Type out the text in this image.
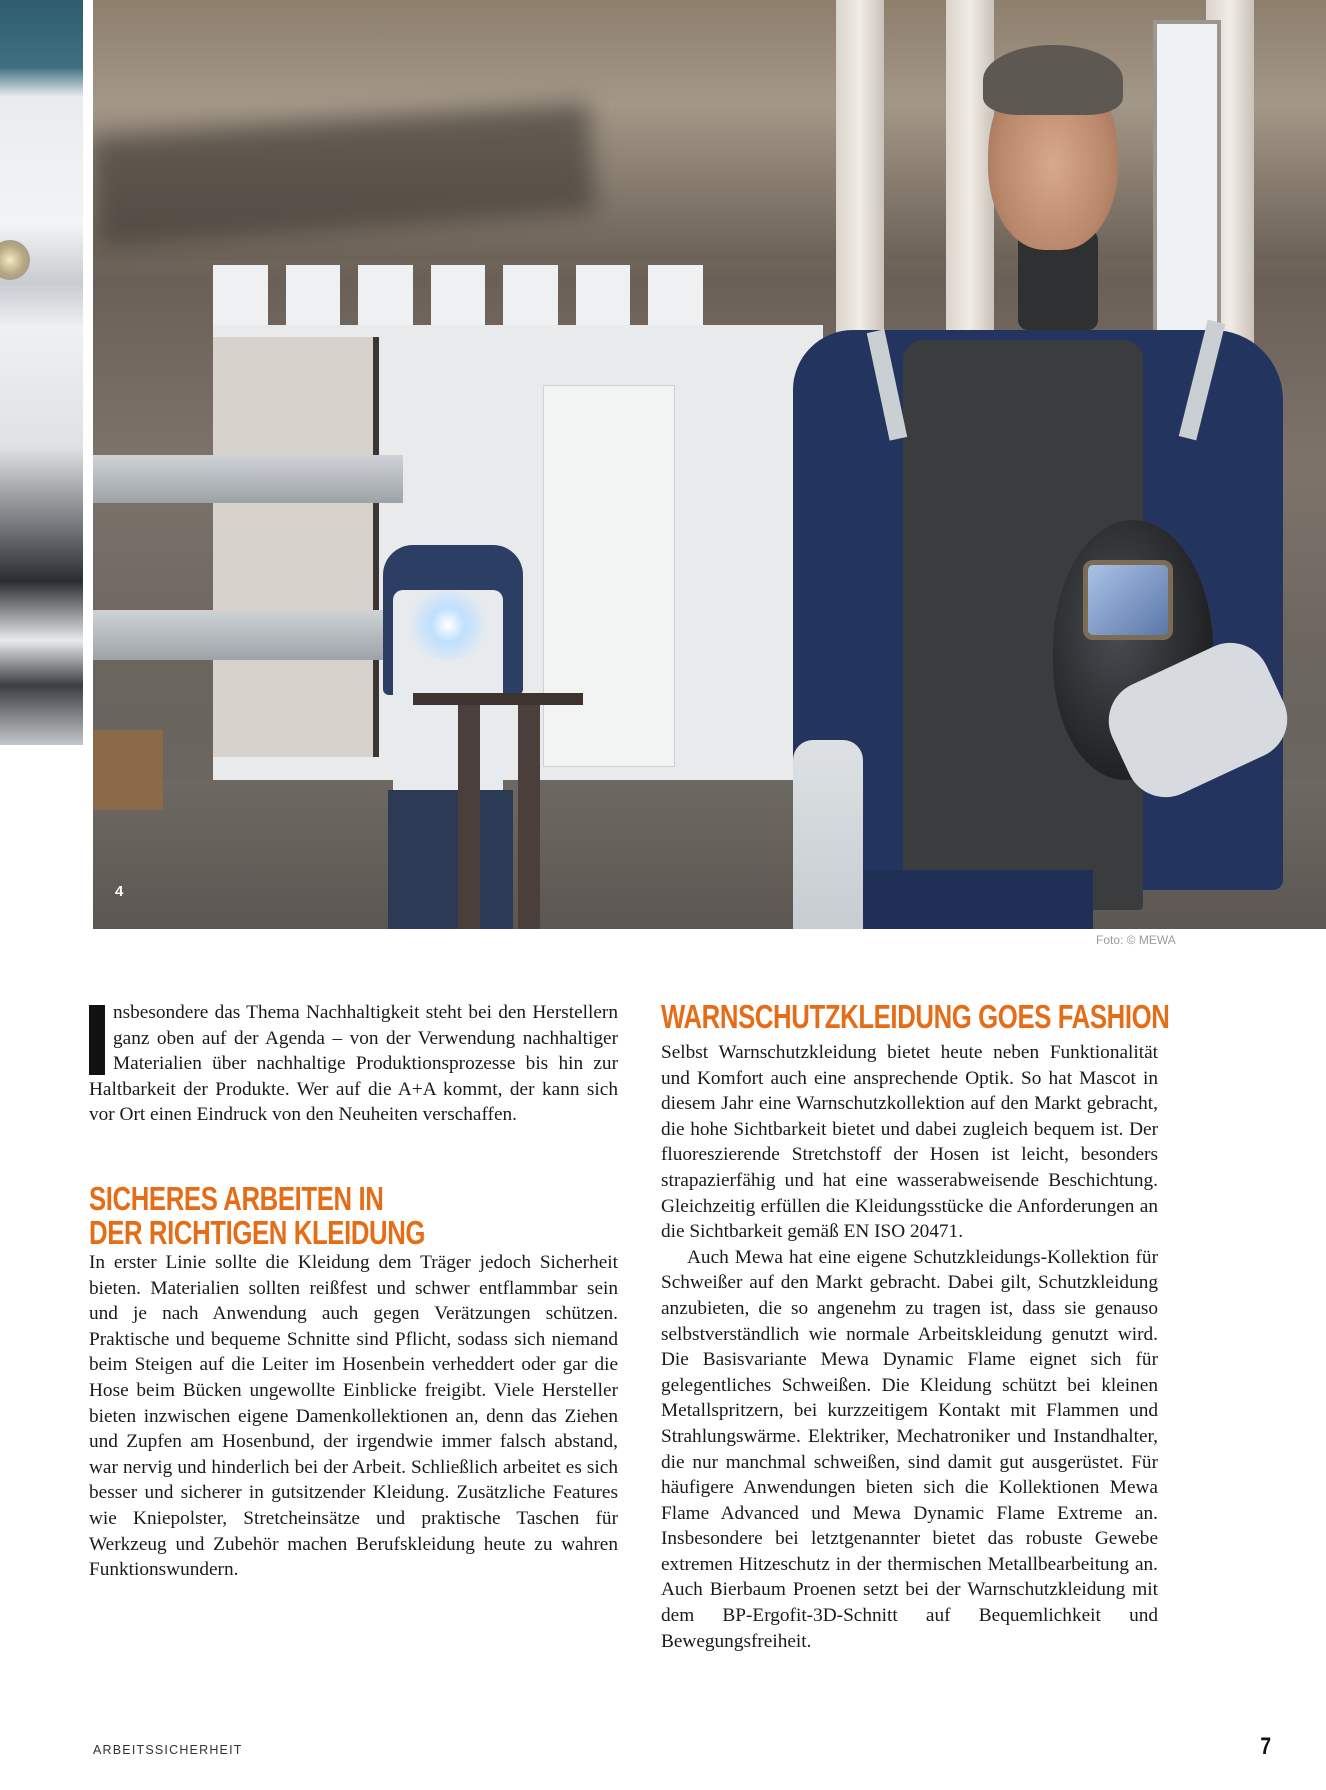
4
Foto: © MEWA

nsbesondere das Thema Nachhaltigkeit steht bei den Herstellern ganz oben auf der Agenda – von der Verwendung nachhaltiger Materialien über nachhaltige Produktionsprozesse bis hin zur Haltbarkeit der Produkte. Wer auf die A+A kommt, der kann sich vor Ort einen Eindruck von den Neuheiten verschaffen.

SICHERES ARBEITEN IN
DER RICHTIGEN KLEIDUNG

In erster Linie sollte die Kleidung dem Träger jedoch Sicherheit bieten. Materialien sollten reißfest und schwer entflammbar sein und je nach Anwendung auch gegen Verätzungen schützen. Praktische und bequeme Schnitte sind Pflicht, sodass sich niemand beim Steigen auf die Leiter im Hosenbein verheddert oder gar die Hose beim Bücken ungewollte Einblicke freigibt. Viele Hersteller bieten inzwischen eigene Damenkollektionen an, denn das Ziehen und Zupfen am Hosenbund, der irgendwie immer falsch abstand, war nervig und hinderlich bei der Arbeit. Schließlich arbeitet es sich besser und sicherer in gutsitzender Kleidung. Zusätzliche Features wie Kniepolster, Stretcheinsätze und praktische Taschen für Werkzeug und Zubehör machen Berufskleidung heute zu wahren Funktionswundern.

WARNSCHUTZKLEIDUNG GOES FASHION

Selbst Warnschutzkleidung bietet heute neben Funktionalität und Komfort auch eine ansprechende Optik. So hat Mascot in diesem Jahr eine Warnschutzkollektion auf den Markt gebracht, die hohe Sichtbarkeit bietet und dabei zugleich bequem ist. Der fluoreszierende Stretchstoff der Hosen ist leicht, besonders strapazierfähig und hat eine wasserabweisende Beschichtung. Gleichzeitig erfüllen die Kleidungsstücke die Anforderungen an die Sichtbarkeit gemäß EN ISO 20471.

Auch Mewa hat eine eigene Schutzkleidungs-Kollektion für Schweißer auf den Markt gebracht. Dabei gilt, Schutzkleidung anzubieten, die so angenehm zu tragen ist, dass sie genauso selbstverständlich wie normale Arbeitskleidung genutzt wird. Die Basisvariante Mewa Dynamic Flame eignet sich für gelegentliches Schweißen. Die Kleidung schützt bei kleinen Metallspritzern, bei kurzzeitigem Kontakt mit Flammen und Strahlungswärme. Elektriker, Mechatroniker und Instandhalter, die nur manchmal schweißen, sind damit gut ausgerüstet. Für häufigere Anwendungen bieten sich die Kollektionen Mewa Flame Advanced und Mewa Dynamic Flame Extreme an. Insbesondere bei letztgenannter bietet das robuste Gewebe extremen Hitzeschutz in der thermischen Metallbearbeitung an. Auch Bierbaum Proenen setzt bei der Warnschutzkleidung mit dem BP-Ergofit-3D-Schnitt auf Bequemlichkeit und Bewegungsfreiheit.

ARBEITSSICHERHEIT	7
